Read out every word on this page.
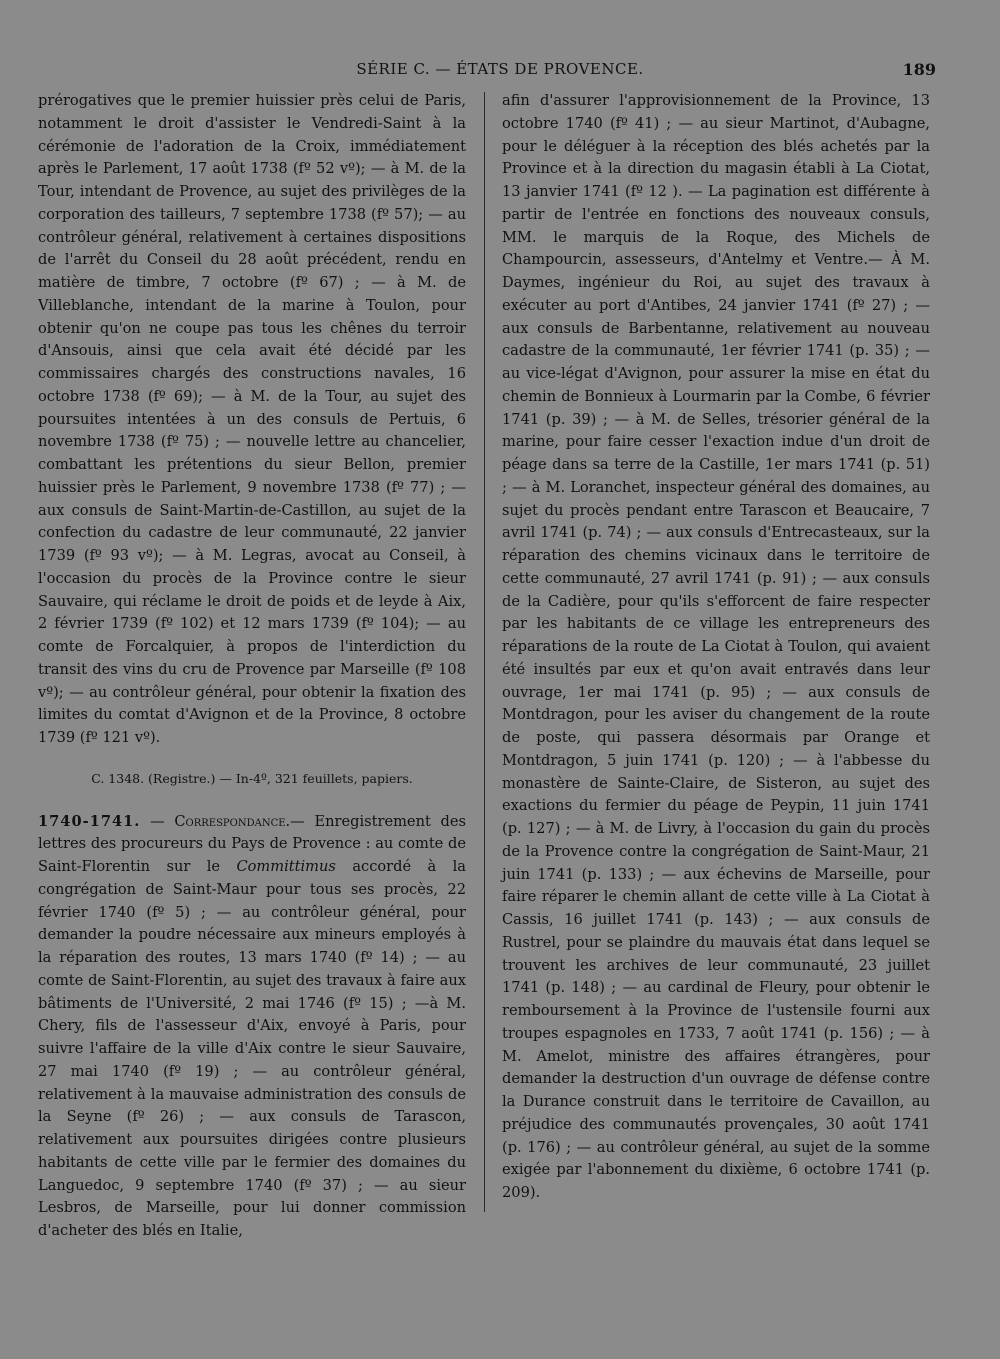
SÉRIE C. — ÉTATS DE PROVENCE.	189

prérogatives que le premier huissier près celui de Paris, notamment le droit d'assister le Vendredi-Saint à la cérémonie de l'adoration de la Croix, immédiatement après le Parlement, 17 août 1738 (fº 52 vº); — à M. de la Tour, intendant de Provence, au sujet des privilèges de la corporation des tailleurs, 7 septembre 1738 (fº 57); — au contrôleur général, relativement à certaines dispositions de l'arrêt du Conseil du 28 août précédent, rendu en matière de timbre, 7 octobre (fº 67) ; — à M. de Villeblanche, intendant de la marine à Toulon, pour obtenir qu'on ne coupe pas tous les chênes du terroir d'Ansouis, ainsi que cela avait été décidé par les commissaires chargés des constructions navales, 16 octobre 1738 (fº 69); — à M. de la Tour, au sujet des poursuites intentées à un des consuls de Pertuis, 6 novembre 1738 (fº 75) ; — nouvelle lettre au chancelier, combattant les prétentions du sieur Bellon, premier huissier près le Parlement, 9 novembre 1738 (fº 77) ; — aux consuls de Saint-Martin-de-Castillon, au sujet de la confection du cadastre de leur communauté, 22 janvier 1739 (fº 93 vº); — à M. Legras, avocat au Conseil, à l'occasion du procès de la Province contre le sieur Sauvaire, qui réclame le droit de poids et de leyde à Aix, 2 février 1739 (fº 102) et 12 mars 1739 (fº 104); — au comte de Forcalquier, à propos de l'interdiction du transit des vins du cru de Provence par Marseille (fº 108 vº); — au contrôleur général, pour obtenir la fixation des limites du comtat d'Avignon et de la Province, 8 octobre 1739 (fº 121 vº).

C. 1348. (Registre.) — In-4º, 321 feuillets, papiers.

1740-1741. — Correspondance.— Enregistrement des lettres des procureurs du Pays de Provence : au comte de Saint-Florentin sur le Committimus accordé à la congrégation de Saint-Maur pour tous ses procès, 22 février 1740 (fº 5) ; — au contrôleur général, pour demander la poudre nécessaire aux mineurs employés à la réparation des routes, 13 mars 1740 (fº 14) ; — au comte de Saint-Florentin, au sujet des travaux à faire aux bâtiments de l'Université, 2 mai 1746 (fº 15) ; —à M. Chery, fils de l'assesseur d'Aix, envoyé à Paris, pour suivre l'affaire de la ville d'Aix contre le sieur Sauvaire, 27 mai 1740 (fº 19) ; — au contrôleur général, relativement à la mauvaise administration des consuls de la Seyne (fº 26) ; — aux consuls de Tarascon, relativement aux poursuites dirigées contre plusieurs habitants de cette ville par le fermier des domaines du Languedoc, 9 septembre 1740 (fº 37) ; — au sieur Lesbros, de Marseille, pour lui donner commission d'acheter des blés en Italie,

afin d'assurer l'approvisionnement de la Province, 13 octobre 1740 (fº 41) ; — au sieur Martinot, d'Aubagne, pour le déléguer à la réception des blés achetés par la Province et à la direction du magasin établi à La Ciotat, 13 janvier 1741 (fº 12 ). — La pagination est différente à partir de l'entrée en fonctions des nouveaux consuls, MM. le marquis de la Roque, des Michels de Champourcin, assesseurs, d'Antelmy et Ventre.— À M. Daymes, ingénieur du Roi, au sujet des travaux à exécuter au port d'Antibes, 24 janvier 1741 (fº 27) ; — aux consuls de Barbentanne, relativement au nouveau cadastre de la communauté, 1er février 1741 (p. 35) ; — au vice-légat d'Avignon, pour assurer la mise en état du chemin de Bonnieux à Lourmarin par la Combe, 6 février 1741 (p. 39) ; — à M. de Selles, trésorier général de la marine, pour faire cesser l'exaction indue d'un droit de péage dans sa terre de la Castille, 1er mars 1741 (p. 51) ; — à M. Loranchet, inspecteur général des domaines, au sujet du procès pendant entre Tarascon et Beaucaire, 7 avril 1741 (p. 74) ; — aux consuls d'Entrecasteaux, sur la réparation des chemins vicinaux dans le territoire de cette communauté, 27 avril 1741 (p. 91) ; — aux consuls de la Cadière, pour qu'ils s'efforcent de faire respecter par les habitants de ce village les entrepreneurs des réparations de la route de La Ciotat à Toulon, qui avaient été insultés par eux et qu'on avait entravés dans leur ouvrage, 1er mai 1741 (p. 95) ; — aux consuls de Montdragon, pour les aviser du changement de la route de poste, qui passera désormais par Orange et Montdragon, 5 juin 1741 (p. 120) ; — à l'abbesse du monastère de Sainte-Claire, de Sisteron, au sujet des exactions du fermier du péage de Peypin, 11 juin 1741 (p. 127) ; — à M. de Livry, à l'occasion du gain du procès de la Provence contre la congrégation de Saint-Maur, 21 juin 1741 (p. 133) ; — aux échevins de Marseille, pour faire réparer le chemin allant de cette ville à La Ciotat à Cassis, 16 juillet 1741 (p. 143) ; — aux consuls de Rustrel, pour se plaindre du mauvais état dans lequel se trouvent les archives de leur communauté, 23 juillet 1741 (p. 148) ; — au cardinal de Fleury, pour obtenir le remboursement à la Province de l'ustensile fourni aux troupes espagnoles en 1733, 7 août 1741 (p. 156) ; — à M. Amelot, ministre des affaires étrangères, pour demander la destruction d'un ouvrage de défense contre la Durance construit dans le territoire de Cavaillon, au préjudice des communautés provençales, 30 août 1741 (p. 176) ; — au contrôleur général, au sujet de la somme exigée par l'abonnement du dixième, 6 octobre 1741 (p. 209).
